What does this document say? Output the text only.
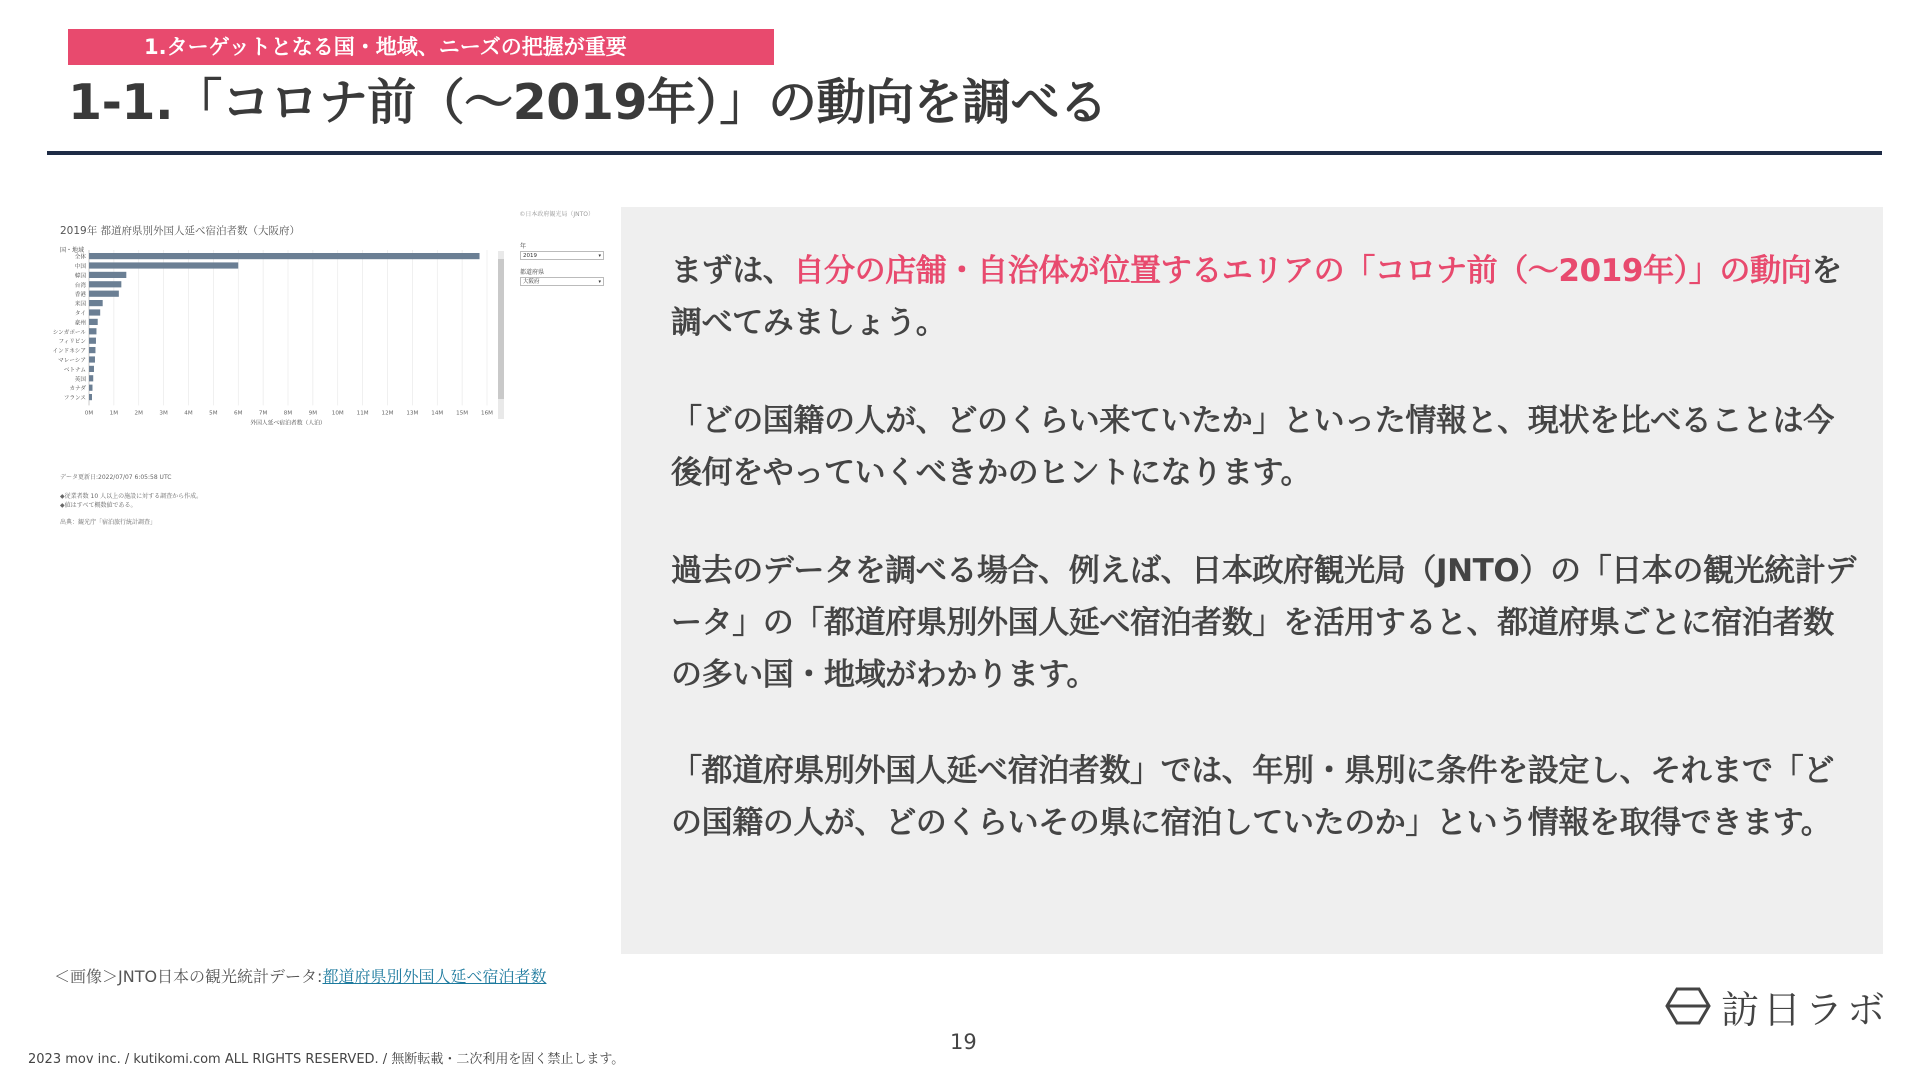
1.ターゲットとなる国・地域、ニーズの把握が重要
1-1.「コロナ前（～2019年）」の動向を調べる
©日本政府観光局（JNTO）
2019年 都道府県別外国人延べ宿泊者数（大阪府）
国・地域
年
2019	▾
都道府県
大阪府	▾
0M	1M	2M	3M	4M	5M	6M	7M	8M	9M	10M 11M 12M 13M 14M 15M 16M
全体
中国
韓国
台湾
香港
米国
タイ
豪州
シンガポール
フィリピン
インドネシア
マレーシア
ベトナム
英国
カナダ
フランス
外国人延べ宿泊者数（人泊）
データ更新日:2022/07/07 6:05:58 UTC
◆従業者数 10 人以上の施設に対する調査から作成。
◆値はすべて概数値である。
出典：観光庁「宿泊旅行統計調査」

まずは、自分の店舗・自治体が位置するエリアの「コロナ前（～2019年）」の動向を調べてみましょう。

「どの国籍の人が、どのくらい来ていたか」といった情報と、現状を比べることは今後何をやっていくべきかのヒントになります。

過去のデータを調べる場合、例えば、日本政府観光局（JNTO）の「日本の観光統計データ」の「都道府県別外国人延べ宿泊者数」を活用すると、都道府県ごとに宿泊者数の多い国・地域がわかります。

「都道府県別外国人延べ宿泊者数」では、年別・県別に条件を設定し、それまで「どの国籍の人が、どのくらいその県に宿泊していたのか」という情報を取得できます。

＜画像＞JNTO日本の観光統計データ:都道府県別外国人延べ宿泊者数
19
2023 mov inc. / kutikomi.com ALL RIGHTS RESERVED. / 無断転載・二次利用を固く禁止します。
訪日ラボ
